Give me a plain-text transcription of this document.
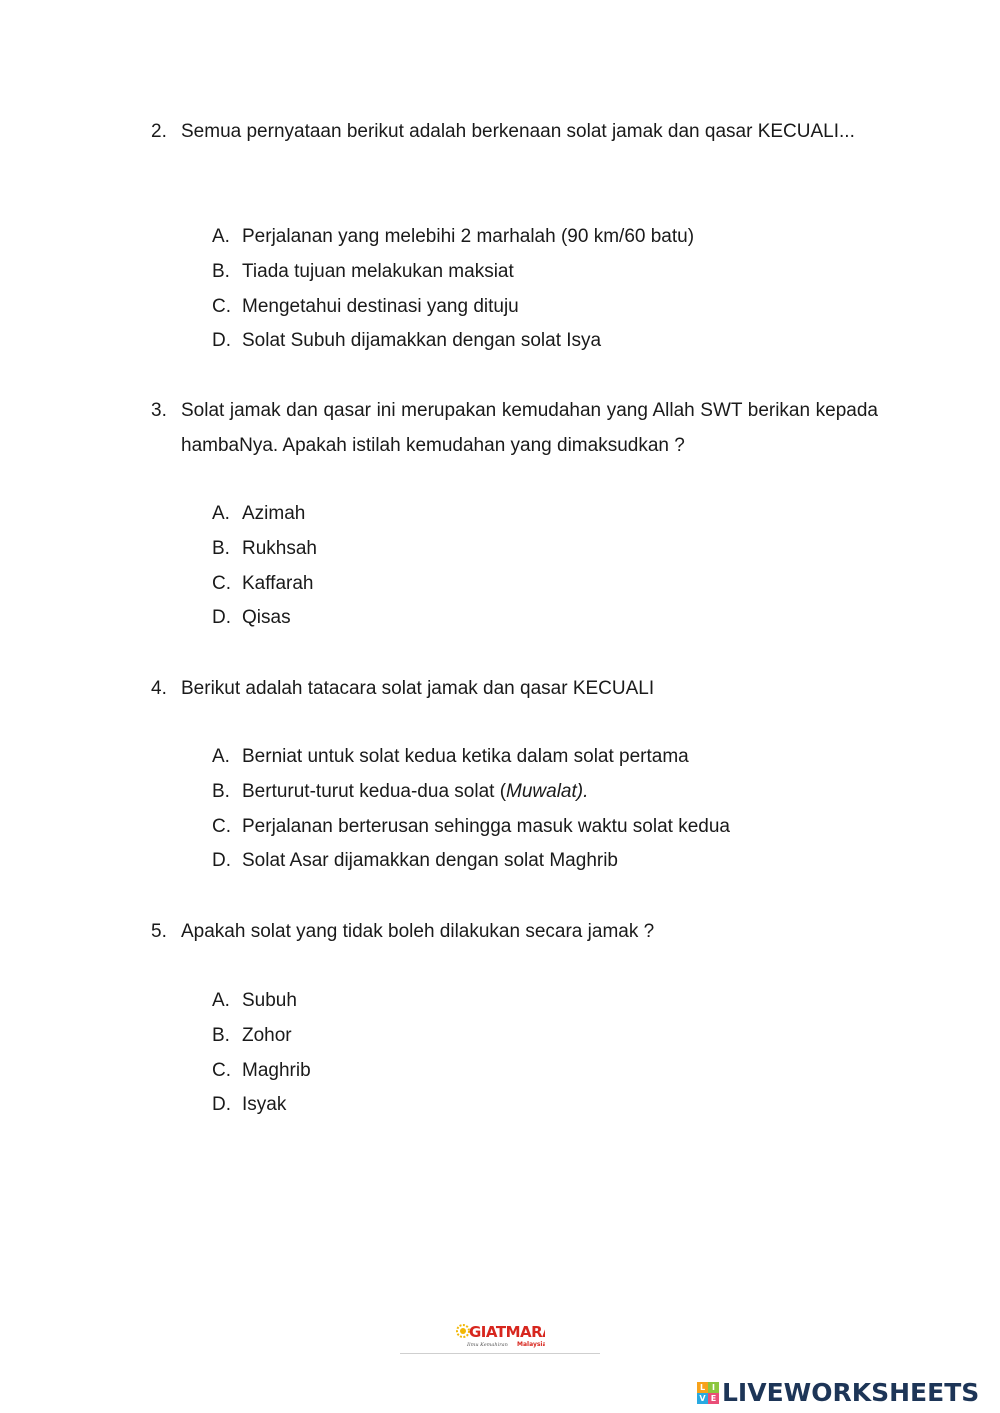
2. Semua pernyataan berikut adalah berkenaan solat jamak dan qasar KECUALI...
A. Perjalanan yang melebihi 2 marhalah (90 km/60 batu)
B. Tiada tujuan melakukan maksiat
C. Mengetahui destinasi yang dituju
D. Solat Subuh dijamakkan dengan solat Isya
3. Solat jamak dan qasar ini merupakan kemudahan yang Allah SWT berikan kepada hambaNya. Apakah istilah kemudahan yang dimaksudkan ?
A. Azimah
B. Rukhsah
C. Kaffarah
D. Qisas
4. Berikut adalah tatacara solat jamak dan qasar KECUALI
A. Berniat untuk solat kedua ketika dalam solat pertama
B. Berturut-turut kedua-dua solat (Muwalat).
C. Perjalanan berterusan sehingga masuk waktu solat kedua
D. Solat Asar dijamakkan dengan solat Maghrib
5. Apakah solat yang tidak boleh dilakukan secara jamak ?
A. Subuh
B. Zohor
C. Maghrib
D. Isyak
GIATMARA
Ilmu Kemahiran Malaysia
L I
V E LIVEWORKSHEETS
